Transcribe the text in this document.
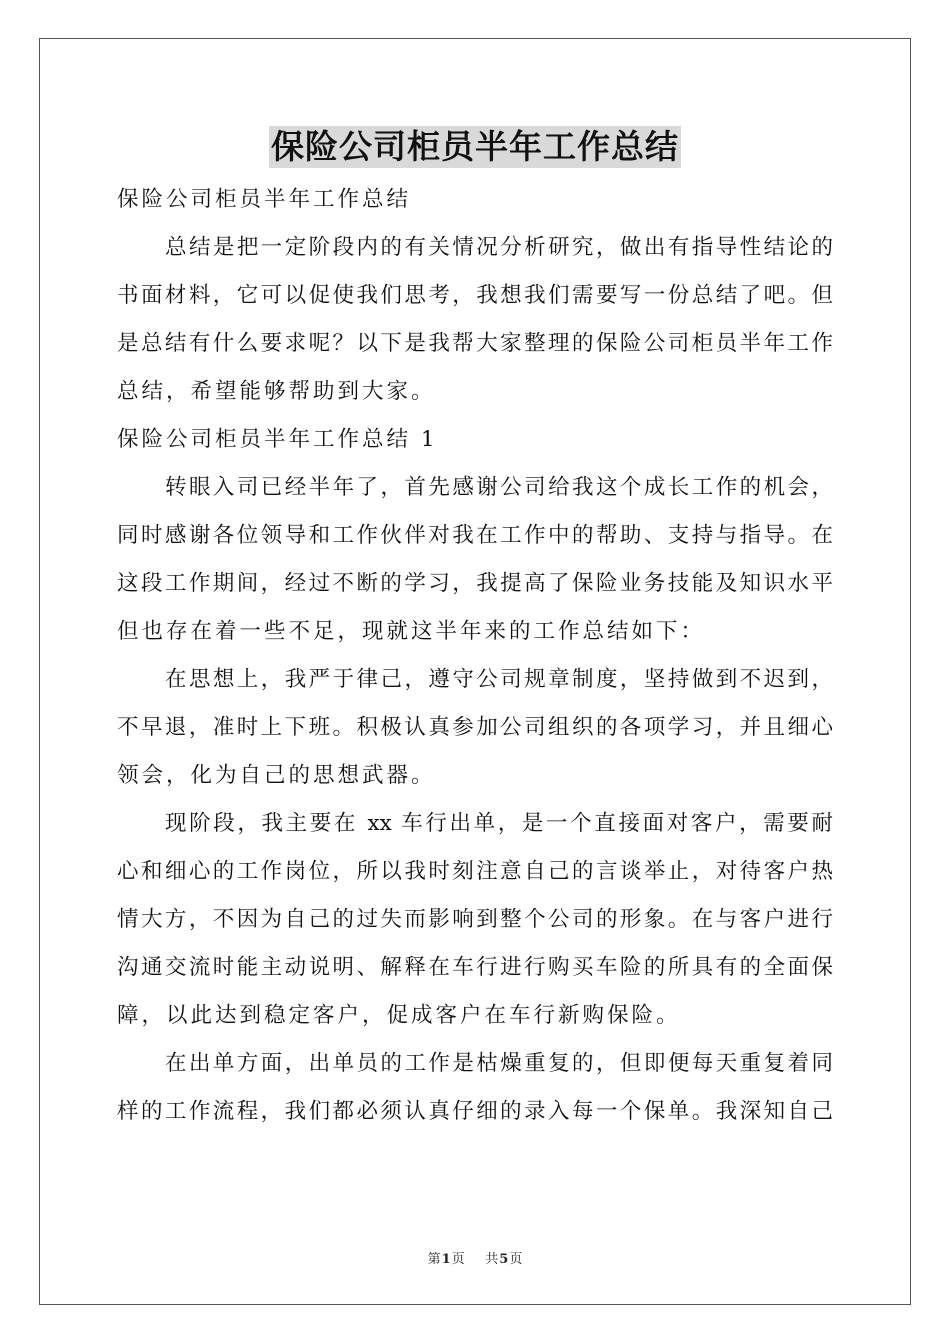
保险公司柜员半年工作总结
保险公司柜员半年工作总结
总结是把一定阶段内的有关情况分析研究，做出有指导性结论的
书面材料，它可以促使我们思考，我想我们需要写一份总结了吧。但
是总结有什么要求呢？以下是我帮大家整理的保险公司柜员半年工作
总结，希望能够帮助到大家。
保险公司柜员半年工作总结 1
转眼入司已经半年了，首先感谢公司给我这个成长工作的机会，
同时感谢各位领导和工作伙伴对我在工作中的帮助、支持与指导。在
这段工作期间，经过不断的学习，我提高了保险业务技能及知识水平
但也存在着一些不足，现就这半年来的工作总结如下：
在思想上，我严于律己，遵守公司规章制度，坚持做到不迟到，
不早退，准时上下班。积极认真参加公司组织的各项学习，并且细心
领会，化为自己的思想武器。
现阶段，我主要在 xx 车行出单，是一个直接面对客户，需要耐
心和细心的工作岗位，所以我时刻注意自己的言谈举止，对待客户热
情大方，不因为自己的过失而影响到整个公司的形象。在与客户进行
沟通交流时能主动说明、解释在车行进行购买车险的所具有的全面保
障，以此达到稳定客户，促成客户在车行新购保险。
在出单方面，出单员的工作是枯燥重复的，但即便每天重复着同
样的工作流程，我们都必须认真仔细的录入每一个保单。我深知自己
第1页 共5页
